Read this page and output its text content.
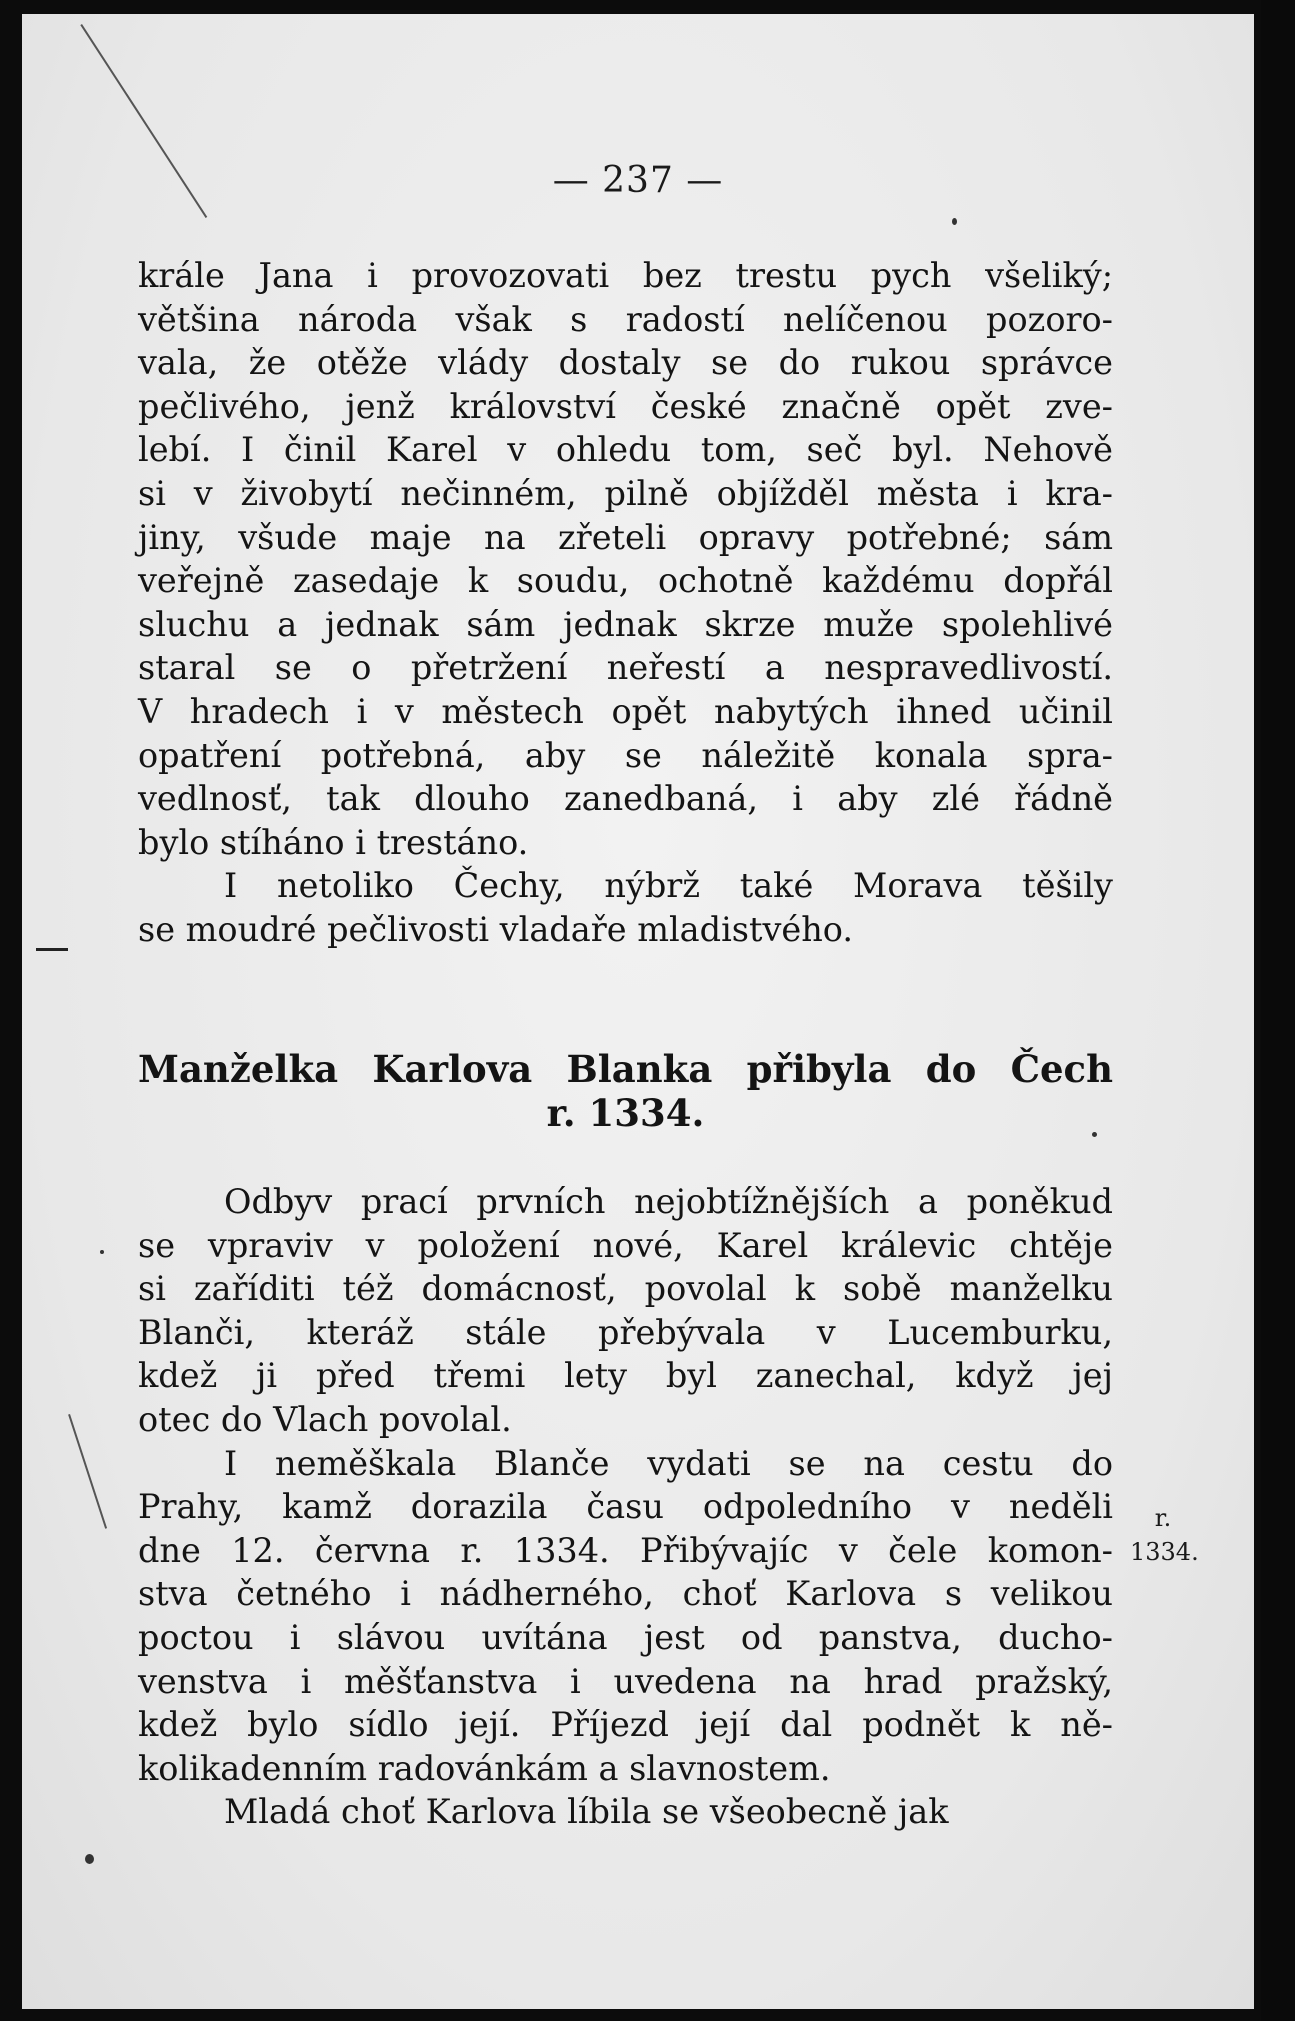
— 237 —
krále Jana i provozovati bez trestu pych všeliký;
většina národa však s radostí nelíčenou pozoro-
vala, že otěže vlády dostaly se do rukou správce
pečlivého, jenž království české značně opět zve-
lebí. I činil Karel v ohledu tom, seč byl. Nehově
si v živobytí nečinném, pilně objížděl města i kra-
jiny, všude maje na zřeteli opravy potřebné; sám
veřejně zasedaje k soudu, ochotně každému dopřál
sluchu a jednak sám jednak skrze muže spolehlivé
staral se o přetržení neřestí a nespravedlivostí.
V hradech i v městech opět nabytých ihned učinil
opatření potřebná, aby se náležitě konala spra-
vedlnosť, tak dlouho zanedbaná, i aby zlé řádně
bylo stíháno i trestáno.
I netoliko Čechy, nýbrž také Morava těšily
se moudré pečlivosti vladaře mladistvého.
Manželka Karlova Blanka přibyla do Čech
r. 1334.
Odbyv prací prvních nejobtížnějších a poněkud
se vpraviv v položení nové, Karel králevic chtěje
si zaříditi též domácnosť, povolal k sobě manželku
Blanči, kteráž stále přebývala v Lucemburku,
kdež ji před třemi lety byl zanechal, když jej
otec do Vlach povolal.
I neměškala Blanče vydati se na cestu do
Prahy, kamž dorazila času odpoledního v neděli
dne 12. června r. 1334. Přibývajíc v čele komon-
stva četného i nádherného, choť Karlova s velikou
poctou i slávou uvítána jest od panstva, ducho-
venstva i měšťanstva i uvedena na hrad pražský,
kdež bylo sídlo její. Příjezd její dal podnět k ně-
kolikadenním radovánkám a slavnostem.
Mladá choť Karlova líbila se všeobecně jak
r.
1334.
